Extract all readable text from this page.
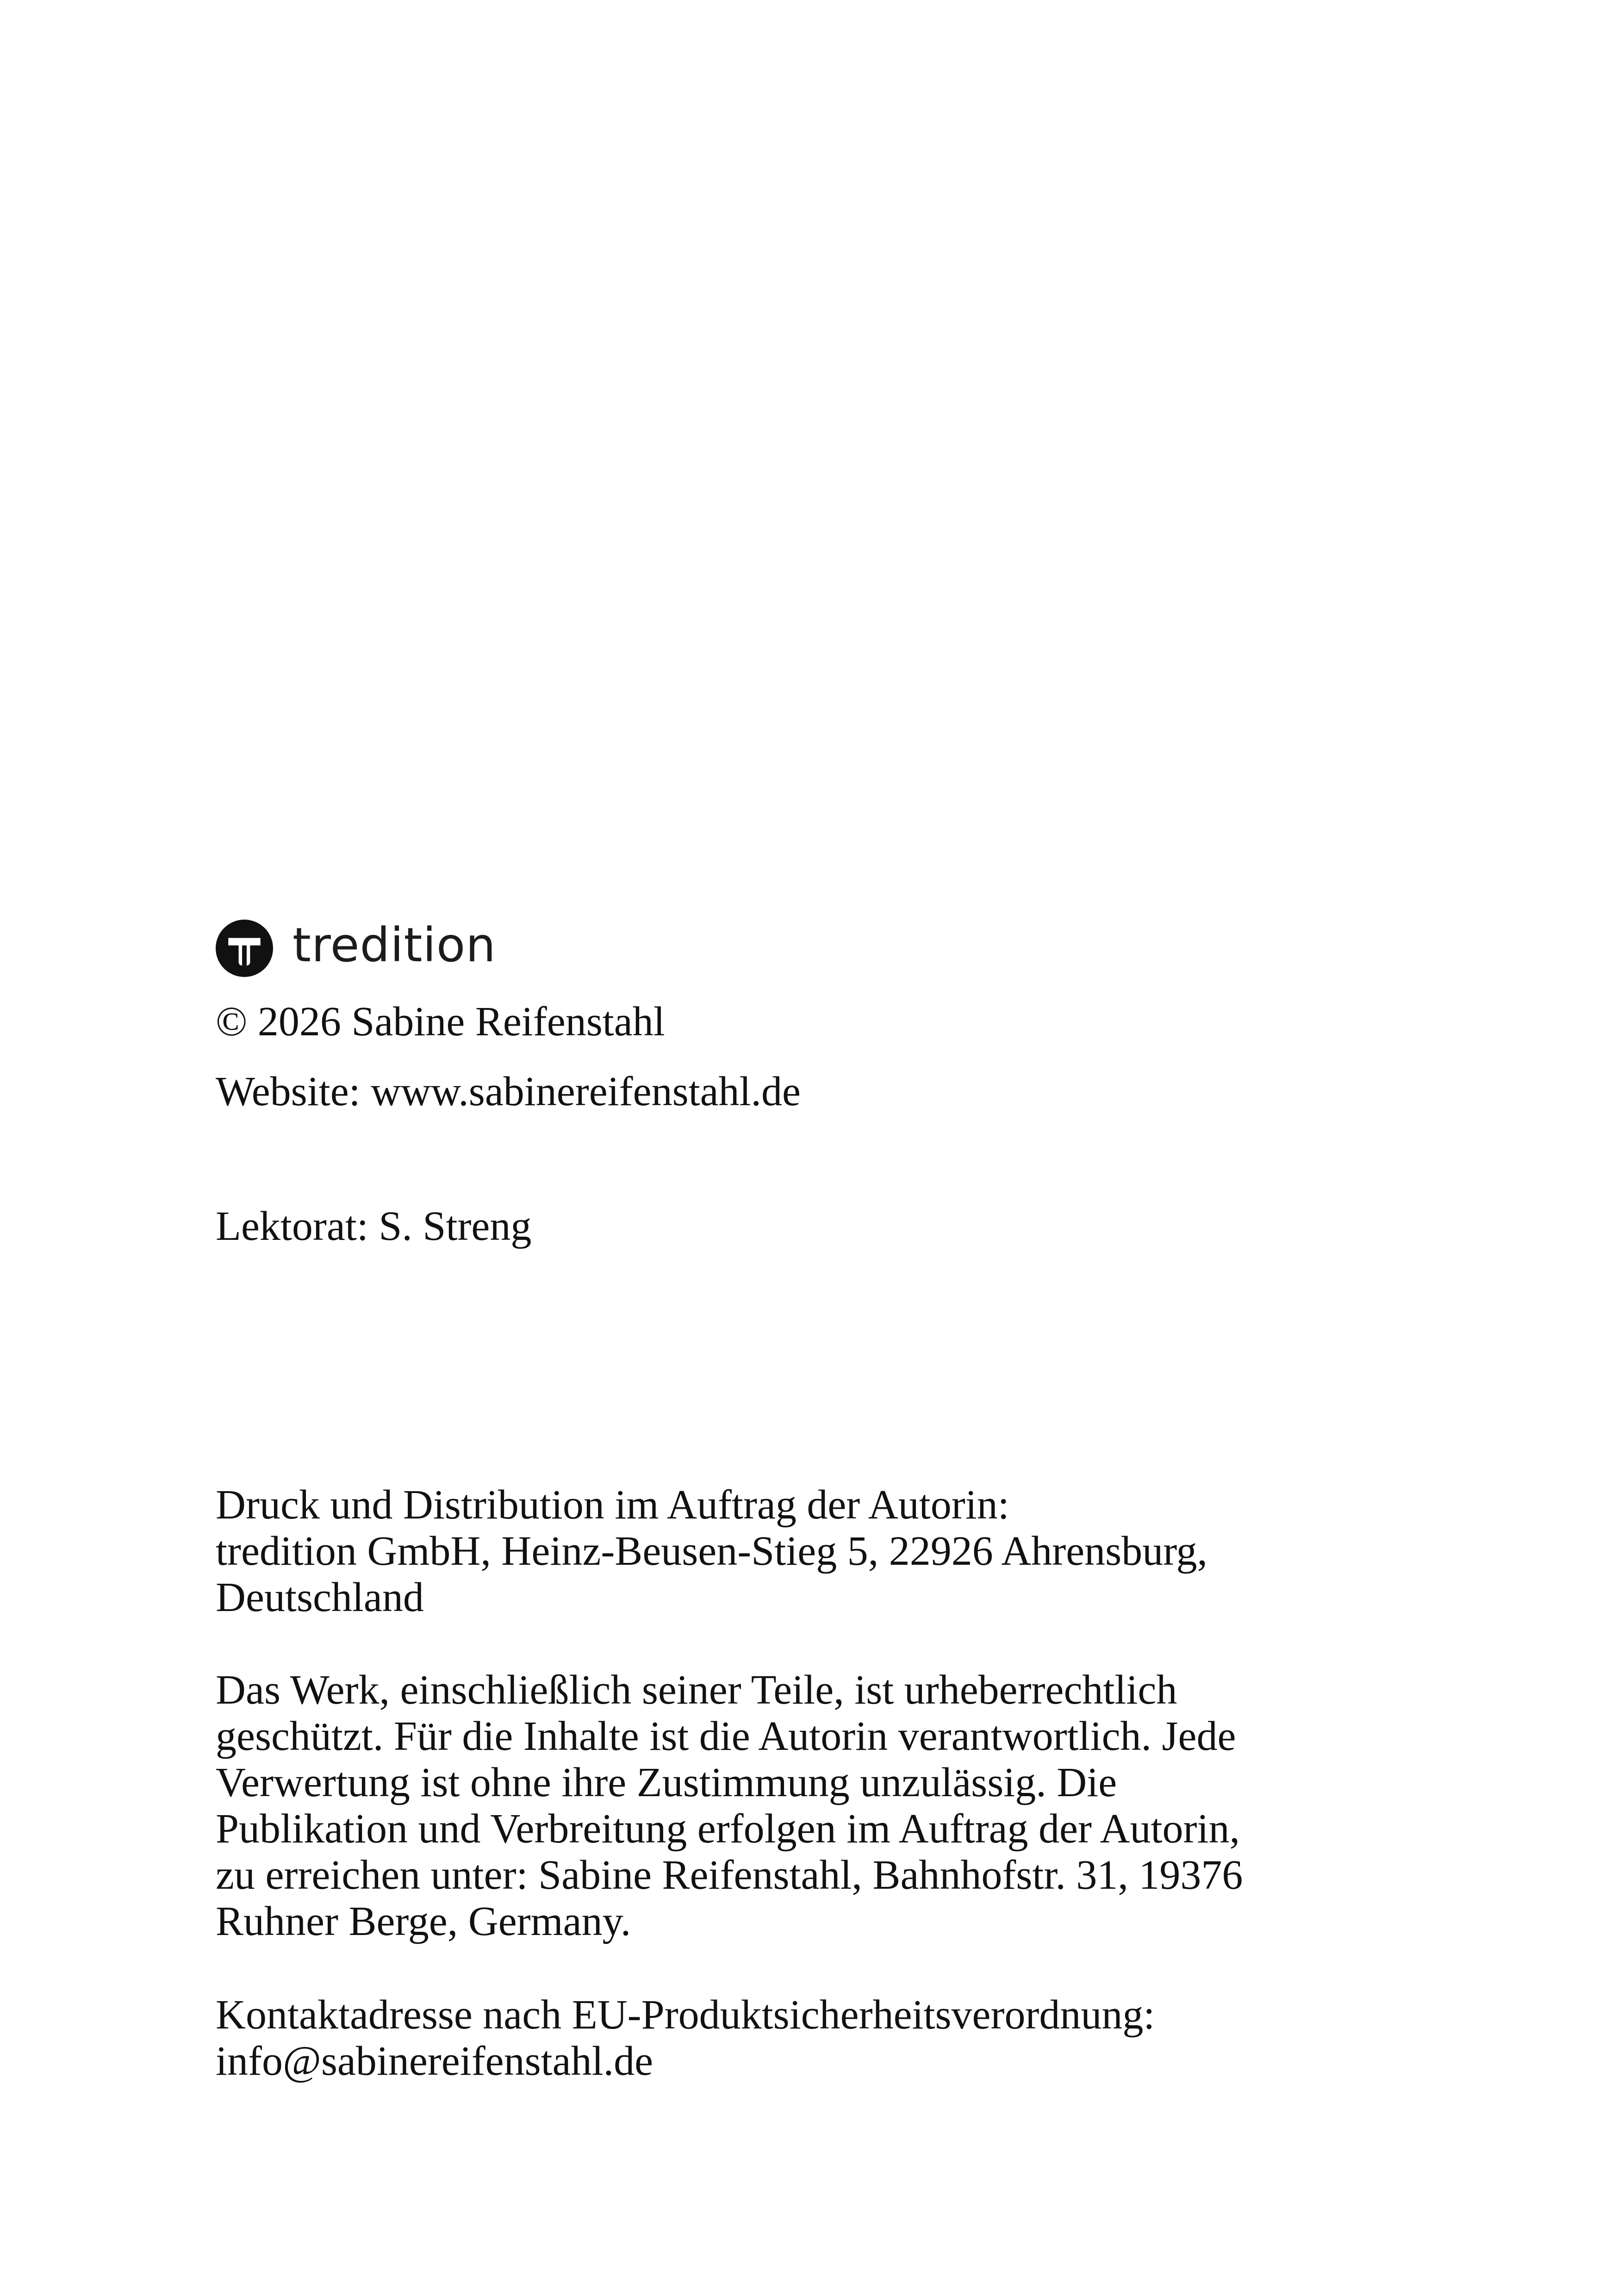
tredition
© 2026 Sabine Reifenstahl
Website: www.sabinereifenstahl.de
Lektorat: S. Streng

Druck und Distribution im Auftrag der Autorin:
tredition GmbH, Heinz-Beusen-Stieg 5, 22926 Ahrensburg,
Deutschland

Das Werk, einschließlich seiner Teile, ist urheberrechtlich
geschützt. Für die Inhalte ist die Autorin verantwortlich. Jede
Verwertung ist ohne ihre Zustimmung unzulässig. Die
Publikation und Verbreitung erfolgen im Auftrag der Autorin,
zu erreichen unter: Sabine Reifenstahl, Bahnhofstr. 31, 19376
Ruhner Berge, Germany.

Kontaktadresse nach EU-Produktsicherheitsverordnung:
info@sabinereifenstahl.de
